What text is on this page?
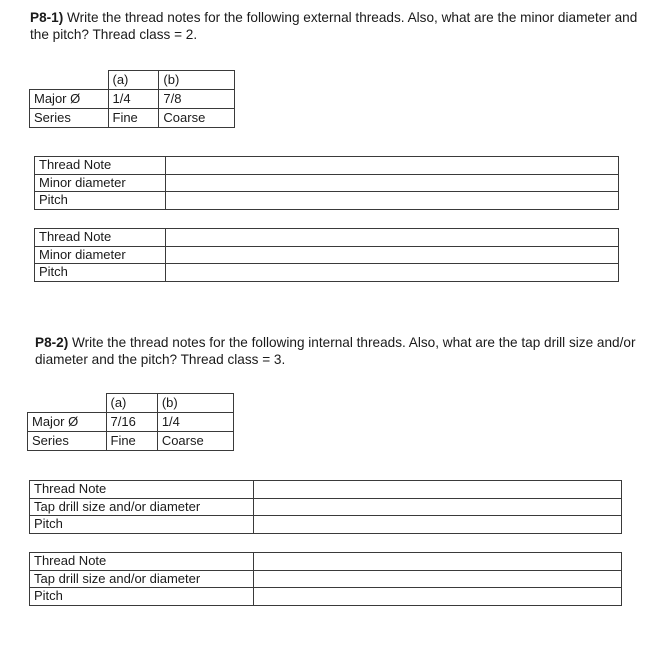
P8-1) Write the thread notes for the following external threads. Also, what are the minor diameter and the pitch? Thread class = 2.
	(a)	(b)
Major Ø	1/4	7/8
Series	Fine	Coarse
Thread Note	
Minor diameter	
Pitch	
Thread Note	
Minor diameter	
Pitch	
P8-2) Write the thread notes for the following internal threads. Also, what are the tap drill size and/or diameter and the pitch? Thread class = 3.
	(a)	(b)
Major Ø	7/16	1/4
Series	Fine	Coarse
Thread Note	
Tap drill size and/or diameter	
Pitch	
Thread Note	
Tap drill size and/or diameter	
Pitch	
